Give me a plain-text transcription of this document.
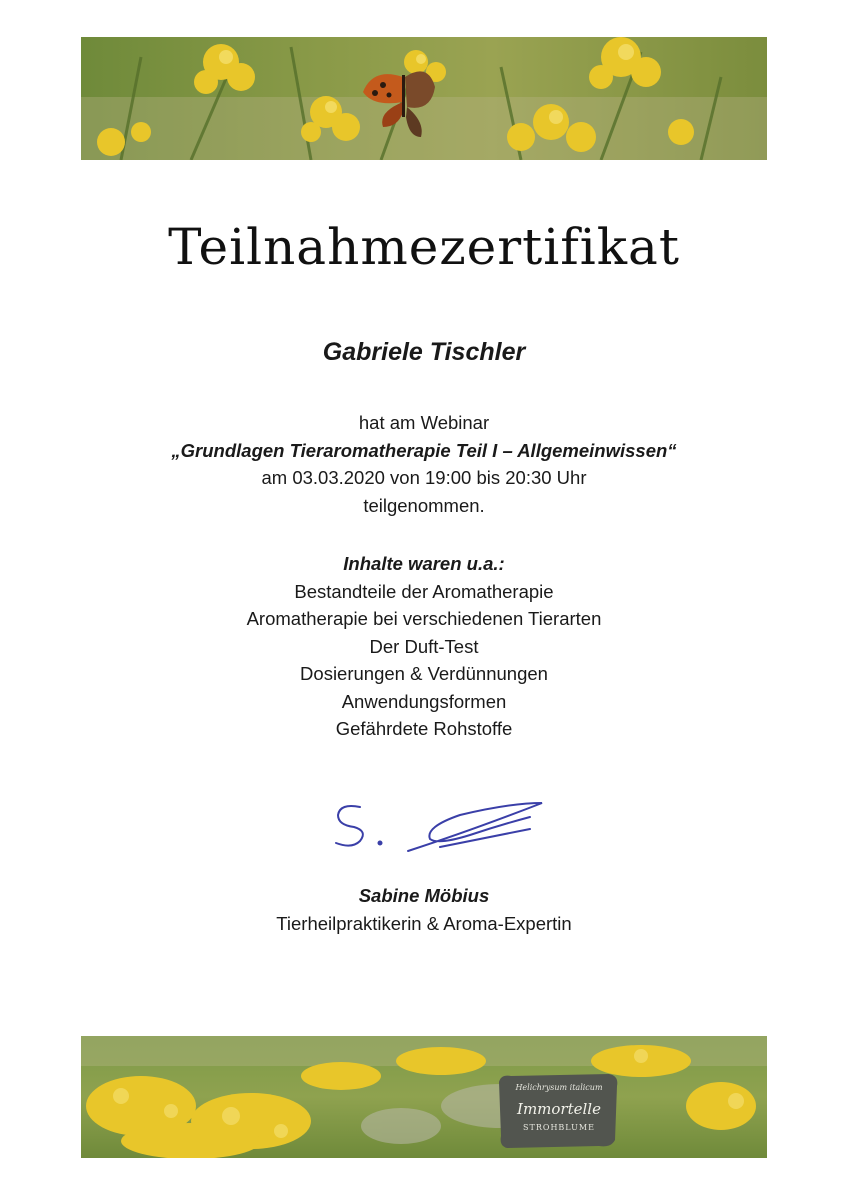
Teilnahmezertifikat
Gabriele Tischler
hat am Webinar
„Grundlagen Tieraromatherapie Teil I – Allgemeinwissen“
am 03.03.2020 von 19:00 bis 20:30 Uhr
teilgenommen.
Inhalte waren u.a.:
Bestandteile der Aromatherapie
Aromatherapie bei verschiedenen Tierarten
Der Duft-Test
Dosierungen & Verdünnungen
Anwendungsformen
Gefährdete Rohstoffe
Sabine Möbius
Tierheilpraktikerin & Aroma-Expertin
Helichrysum italicum
Immortelle
STROHBLUME
